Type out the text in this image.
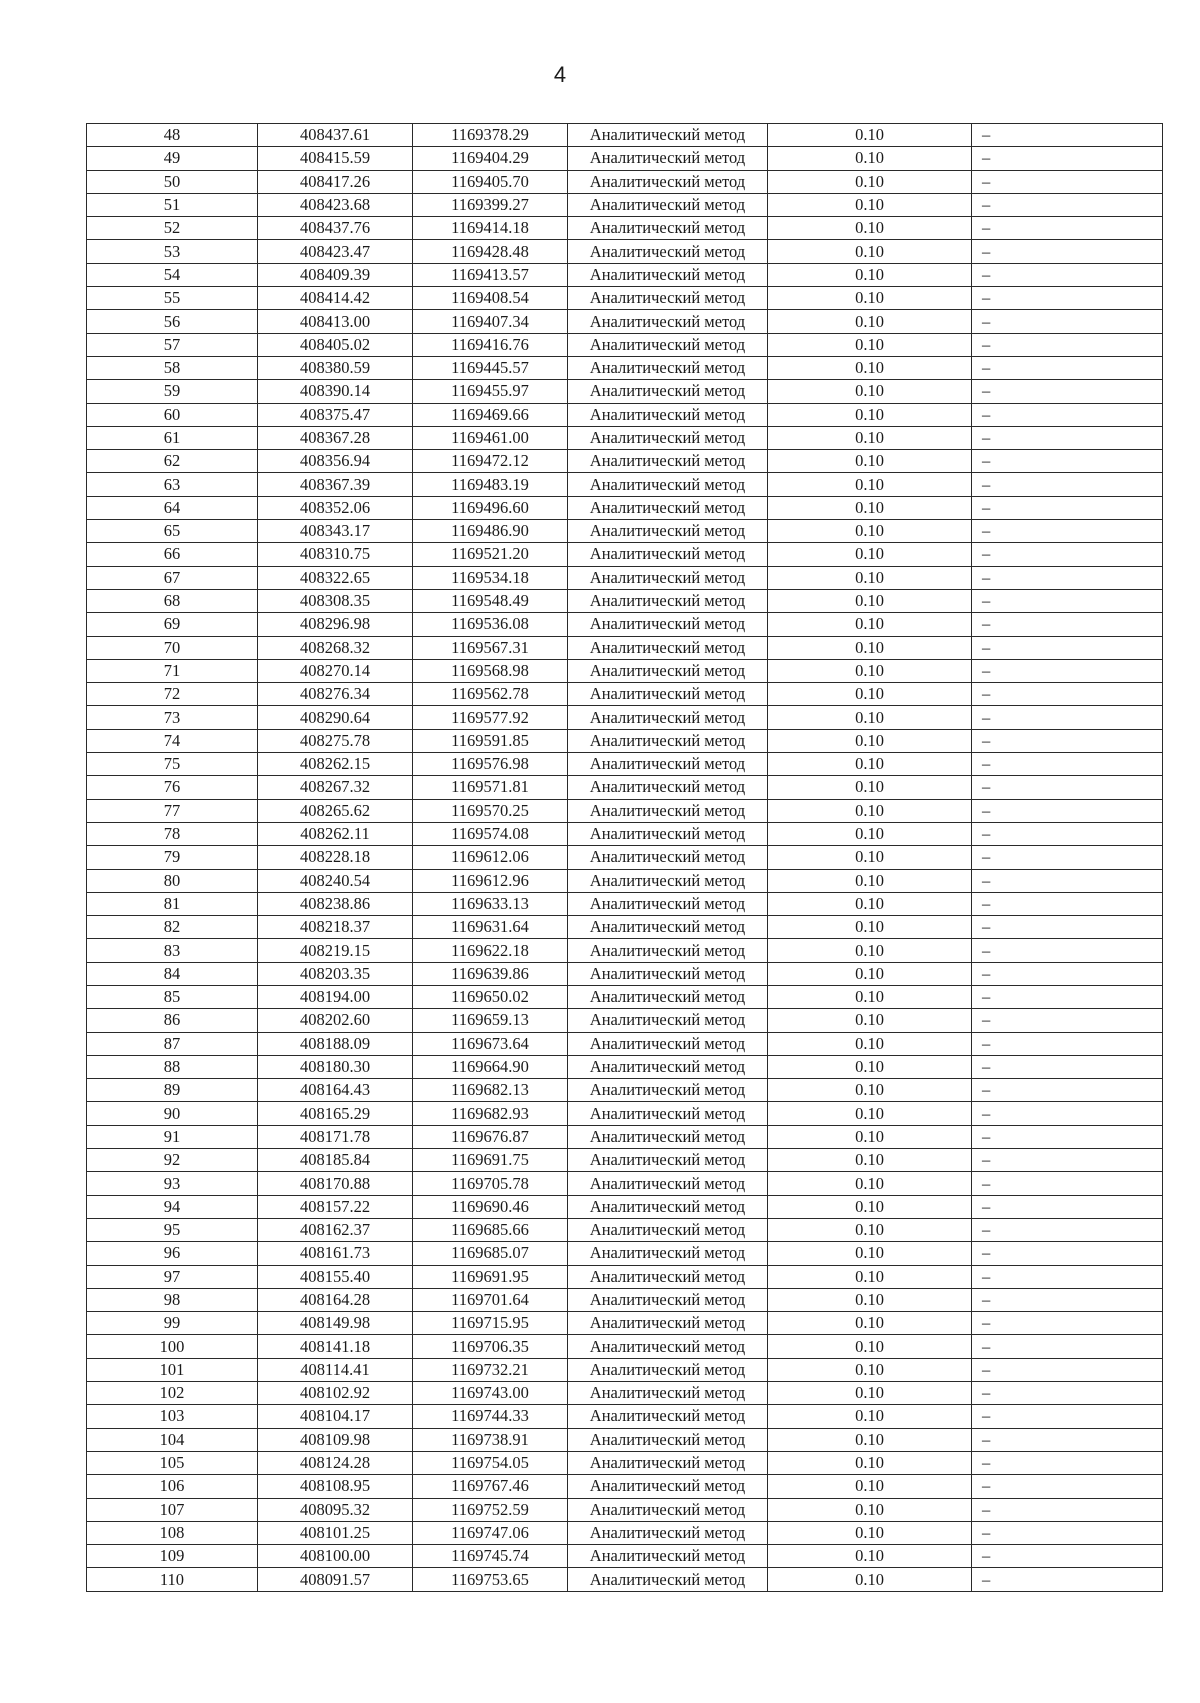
4
48	408437.61	1169378.29	Аналитический метод	0.10	–
49	408415.59	1169404.29	Аналитический метод	0.10	–
50	408417.26	1169405.70	Аналитический метод	0.10	–
51	408423.68	1169399.27	Аналитический метод	0.10	–
52	408437.76	1169414.18	Аналитический метод	0.10	–
53	408423.47	1169428.48	Аналитический метод	0.10	–
54	408409.39	1169413.57	Аналитический метод	0.10	–
55	408414.42	1169408.54	Аналитический метод	0.10	–
56	408413.00	1169407.34	Аналитический метод	0.10	–
57	408405.02	1169416.76	Аналитический метод	0.10	–
58	408380.59	1169445.57	Аналитический метод	0.10	–
59	408390.14	1169455.97	Аналитический метод	0.10	–
60	408375.47	1169469.66	Аналитический метод	0.10	–
61	408367.28	1169461.00	Аналитический метод	0.10	–
62	408356.94	1169472.12	Аналитический метод	0.10	–
63	408367.39	1169483.19	Аналитический метод	0.10	–
64	408352.06	1169496.60	Аналитический метод	0.10	–
65	408343.17	1169486.90	Аналитический метод	0.10	–
66	408310.75	1169521.20	Аналитический метод	0.10	–
67	408322.65	1169534.18	Аналитический метод	0.10	–
68	408308.35	1169548.49	Аналитический метод	0.10	–
69	408296.98	1169536.08	Аналитический метод	0.10	–
70	408268.32	1169567.31	Аналитический метод	0.10	–
71	408270.14	1169568.98	Аналитический метод	0.10	–
72	408276.34	1169562.78	Аналитический метод	0.10	–
73	408290.64	1169577.92	Аналитический метод	0.10	–
74	408275.78	1169591.85	Аналитический метод	0.10	–
75	408262.15	1169576.98	Аналитический метод	0.10	–
76	408267.32	1169571.81	Аналитический метод	0.10	–
77	408265.62	1169570.25	Аналитический метод	0.10	–
78	408262.11	1169574.08	Аналитический метод	0.10	–
79	408228.18	1169612.06	Аналитический метод	0.10	–
80	408240.54	1169612.96	Аналитический метод	0.10	–
81	408238.86	1169633.13	Аналитический метод	0.10	–
82	408218.37	1169631.64	Аналитический метод	0.10	–
83	408219.15	1169622.18	Аналитический метод	0.10	–
84	408203.35	1169639.86	Аналитический метод	0.10	–
85	408194.00	1169650.02	Аналитический метод	0.10	–
86	408202.60	1169659.13	Аналитический метод	0.10	–
87	408188.09	1169673.64	Аналитический метод	0.10	–
88	408180.30	1169664.90	Аналитический метод	0.10	–
89	408164.43	1169682.13	Аналитический метод	0.10	–
90	408165.29	1169682.93	Аналитический метод	0.10	–
91	408171.78	1169676.87	Аналитический метод	0.10	–
92	408185.84	1169691.75	Аналитический метод	0.10	–
93	408170.88	1169705.78	Аналитический метод	0.10	–
94	408157.22	1169690.46	Аналитический метод	0.10	–
95	408162.37	1169685.66	Аналитический метод	0.10	–
96	408161.73	1169685.07	Аналитический метод	0.10	–
97	408155.40	1169691.95	Аналитический метод	0.10	–
98	408164.28	1169701.64	Аналитический метод	0.10	–
99	408149.98	1169715.95	Аналитический метод	0.10	–
100	408141.18	1169706.35	Аналитический метод	0.10	–
101	408114.41	1169732.21	Аналитический метод	0.10	–
102	408102.92	1169743.00	Аналитический метод	0.10	–
103	408104.17	1169744.33	Аналитический метод	0.10	–
104	408109.98	1169738.91	Аналитический метод	0.10	–
105	408124.28	1169754.05	Аналитический метод	0.10	–
106	408108.95	1169767.46	Аналитический метод	0.10	–
107	408095.32	1169752.59	Аналитический метод	0.10	–
108	408101.25	1169747.06	Аналитический метод	0.10	–
109	408100.00	1169745.74	Аналитический метод	0.10	–
110	408091.57	1169753.65	Аналитический метод	0.10	–
